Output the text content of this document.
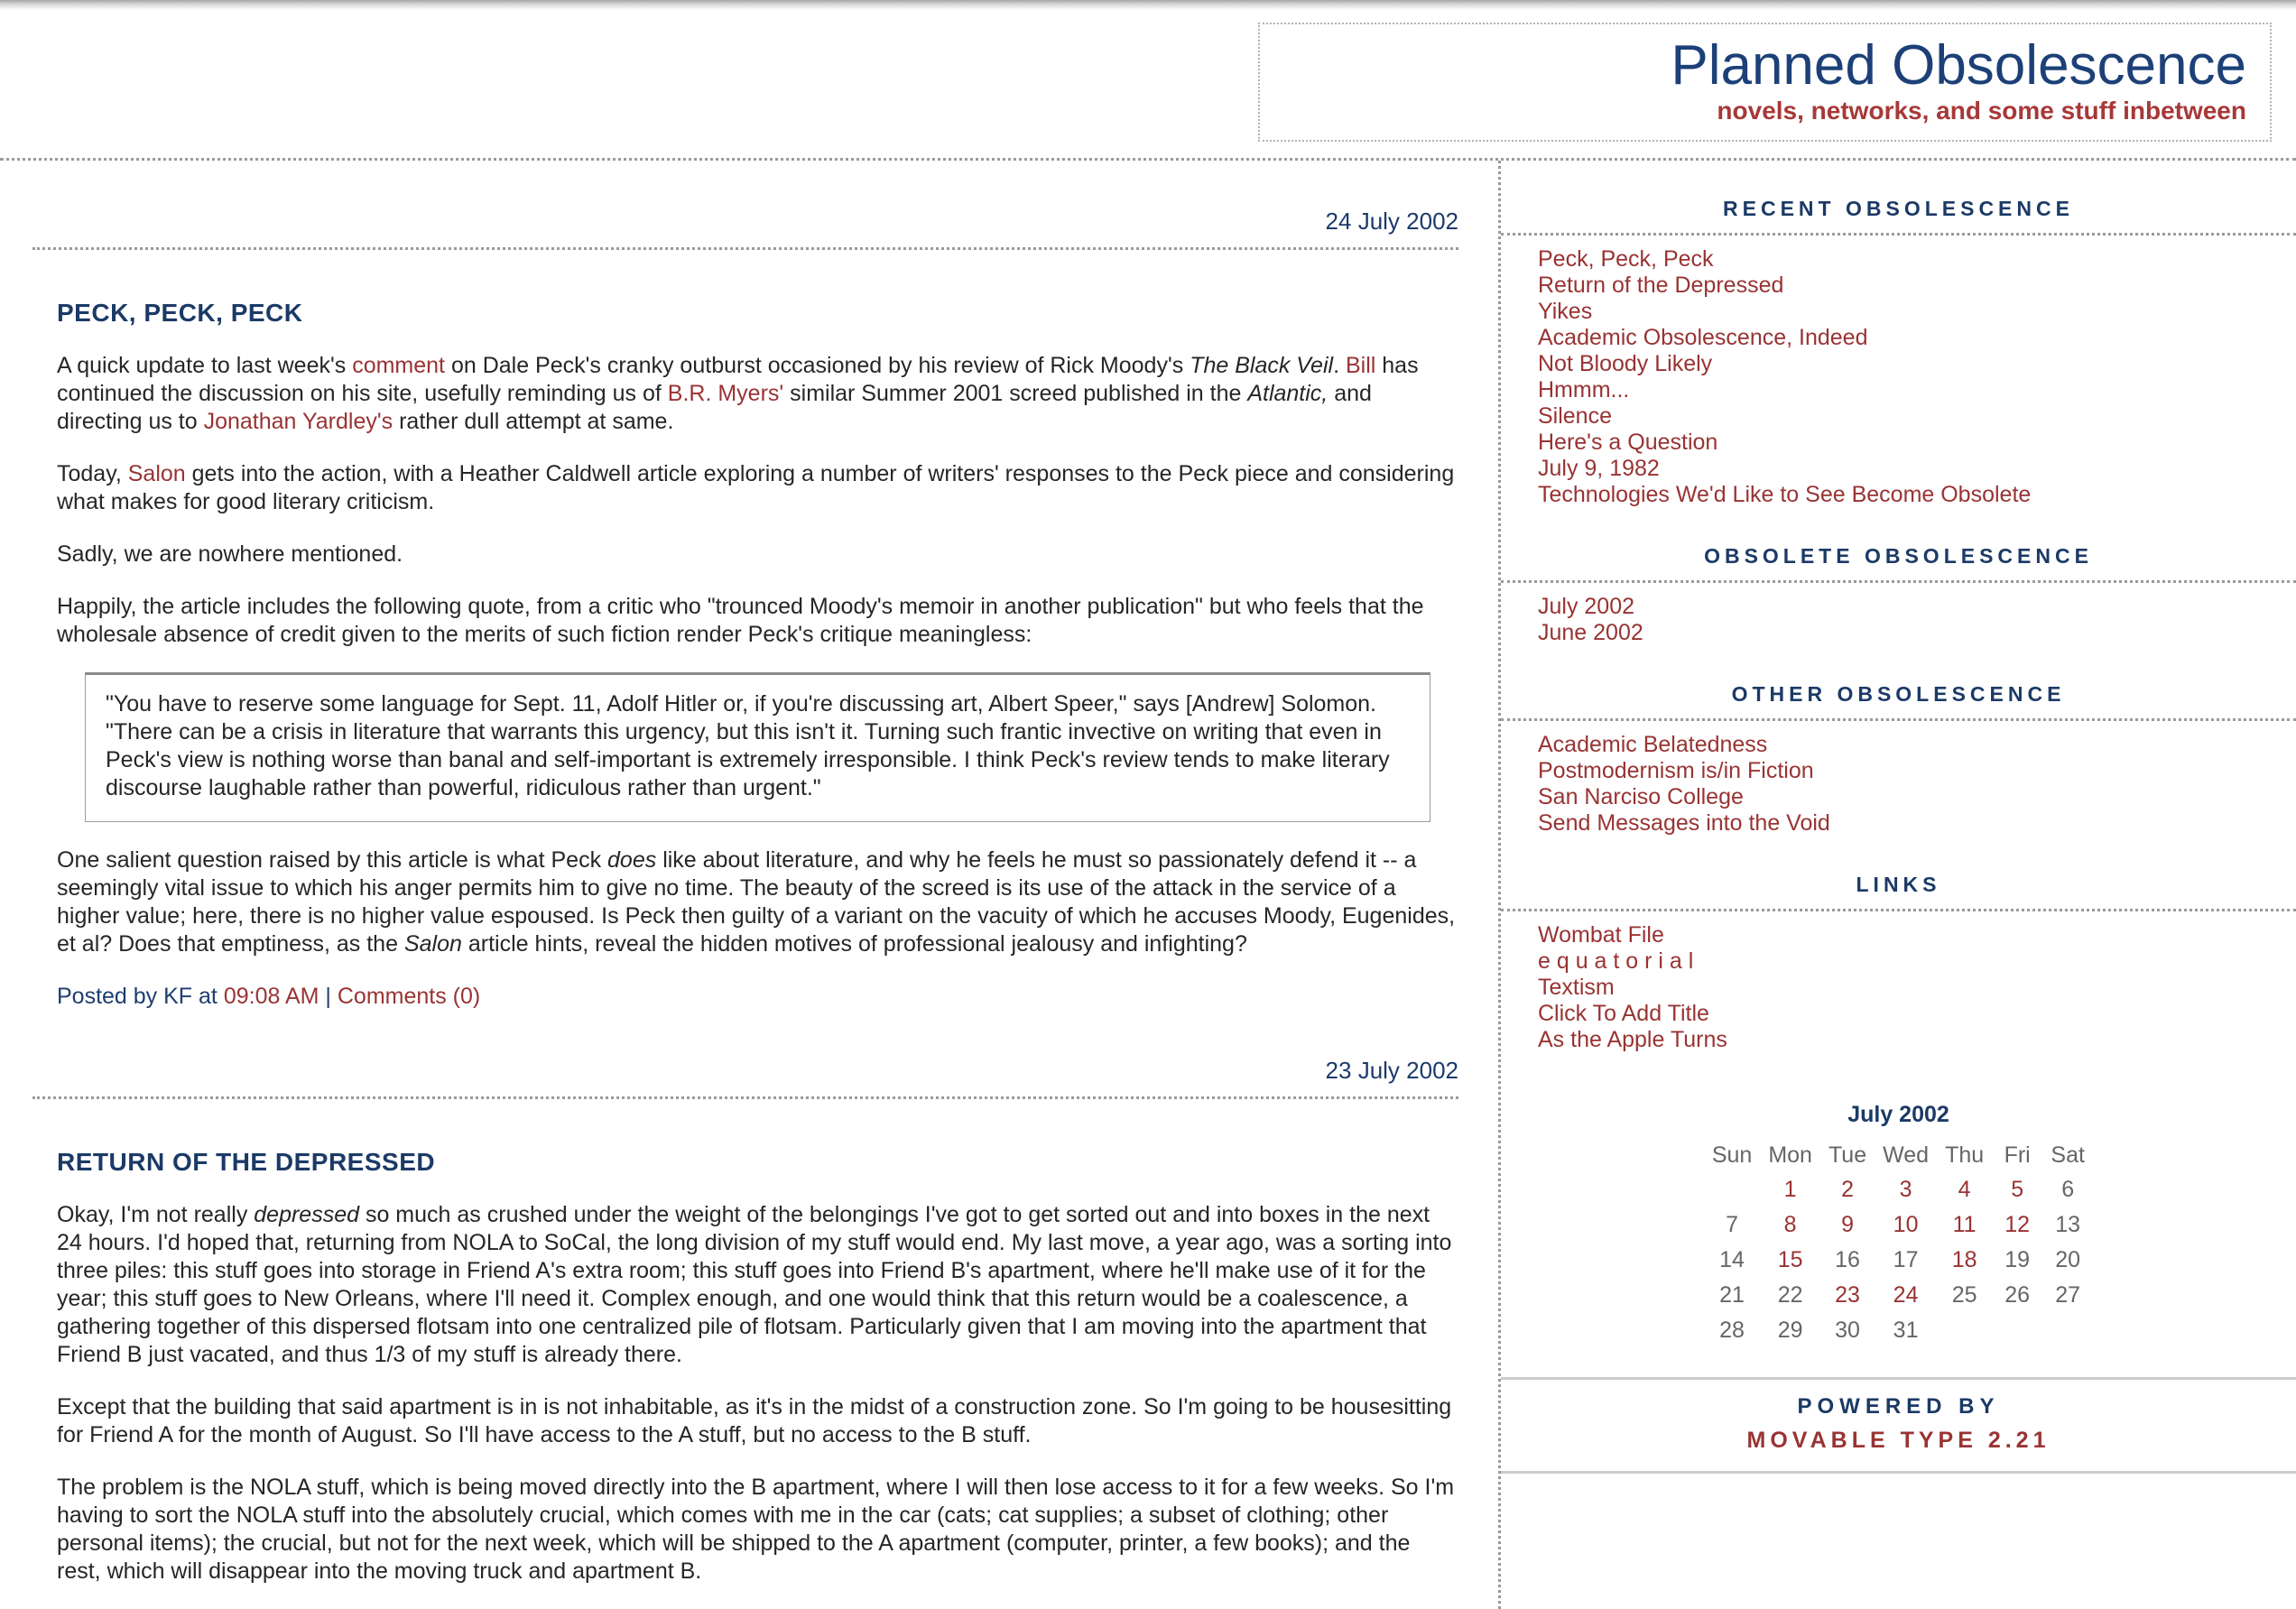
Planned Obsolescence
novels, networks, and some stuff inbetween
24 July 2002
PECK, PECK, PECK

A quick update to last week's comment on Dale Peck's cranky outburst occasioned by his review of Rick Moody's The Black Veil. Bill has continued the discussion on his site, usefully reminding us of B.R. Myers' similar Summer 2001 screed published in the Atlantic, and directing us to Jonathan Yardley's rather dull attempt at same.

Today, Salon gets into the action, with a Heather Caldwell article exploring a number of writers' responses to the Peck piece and considering what makes for good literary criticism.

Sadly, we are nowhere mentioned.

Happily, the article includes the following quote, from a critic who "trounced Moody's memoir in another publication" but who feels that the wholesale absence of credit given to the merits of such fiction render Peck's critique meaningless:

"You have to reserve some language for Sept. 11, Adolf Hitler or, if you're discussing art, Albert Speer," says [Andrew] Solomon. "There can be a crisis in literature that warrants this urgency, but this isn't it. Turning such frantic invective on writing that even in Peck's view is nothing worse than banal and self-important is extremely irresponsible. I think Peck's review tends to make literary discourse laughable rather than powerful, ridiculous rather than urgent."

One salient question raised by this article is what Peck does like about literature, and why he feels he must so passionately defend it -- a seemingly vital issue to which his anger permits him to give no time. The beauty of the screed is its use of the attack in the service of a higher value; here, there is no higher value espoused. Is Peck then guilty of a variant on the vacuity of which he accuses Moody, Eugenides, et al? Does that emptiness, as the Salon article hints, reveal the hidden motives of professional jealousy and infighting?

Posted by KF at 09:08 AM | Comments (0)

23 July 2002
RETURN OF THE DEPRESSED

Okay, I'm not really depressed so much as crushed under the weight of the belongings I've got to get sorted out and into boxes in the next 24 hours. I'd hoped that, returning from NOLA to SoCal, the long division of my stuff would end. My last move, a year ago, was a sorting into three piles: this stuff goes into storage in Friend A's extra room; this stuff goes into Friend B's apartment, where he'll make use of it for the year; this stuff goes to New Orleans, where I'll need it. Complex enough, and one would think that this return would be a coalescence, a gathering together of this dispersed flotsam into one centralized pile of flotsam. Particularly given that I am moving into the apartment that Friend B just vacated, and thus 1/3 of my stuff is already there.

Except that the building that said apartment is in is not inhabitable, as it's in the midst of a construction zone. So I'm going to be housesitting for Friend A for the month of August. So I'll have access to the A stuff, but no access to the B stuff.

The problem is the NOLA stuff, which is being moved directly into the B apartment, where I will then lose access to it for a few weeks. So I'm having to sort the NOLA stuff into the absolutely crucial, which comes with me in the car (cats; cat supplies; a subset of clothing; other personal items); the crucial, but not for the next week, which will be shipped to the A apartment (computer, printer, a few books); and the rest, which will disappear into the moving truck and apartment B.

RECENT OBSOLESCENCE
Peck, Peck, Peck
Return of the Depressed
Yikes
Academic Obsolescence, Indeed
Not Bloody Likely
Hmmm...
Silence
Here's a Question
July 9, 1982
Technologies We'd Like to See Become Obsolete
OBSOLETE OBSOLESCENCE
July 2002
June 2002
OTHER OBSOLESCENCE
Academic Belatedness
Postmodernism is/in Fiction
San Narciso College
Send Messages into the Void
LINKS
Wombat File
e q u a t o r i a l
Textism
Click To Add Title
As the Apple Turns
July 2002
Sun	Mon	Tue	Wed	Thu	Fri	Sat
	1	2	3	4	5	6
7	8	9	10	11	12	13
14	15	16	17	18	19	20
21	22	23	24	25	26	27
28	29	30	31			
POWERED BY
MOVABLE TYPE 2.21
